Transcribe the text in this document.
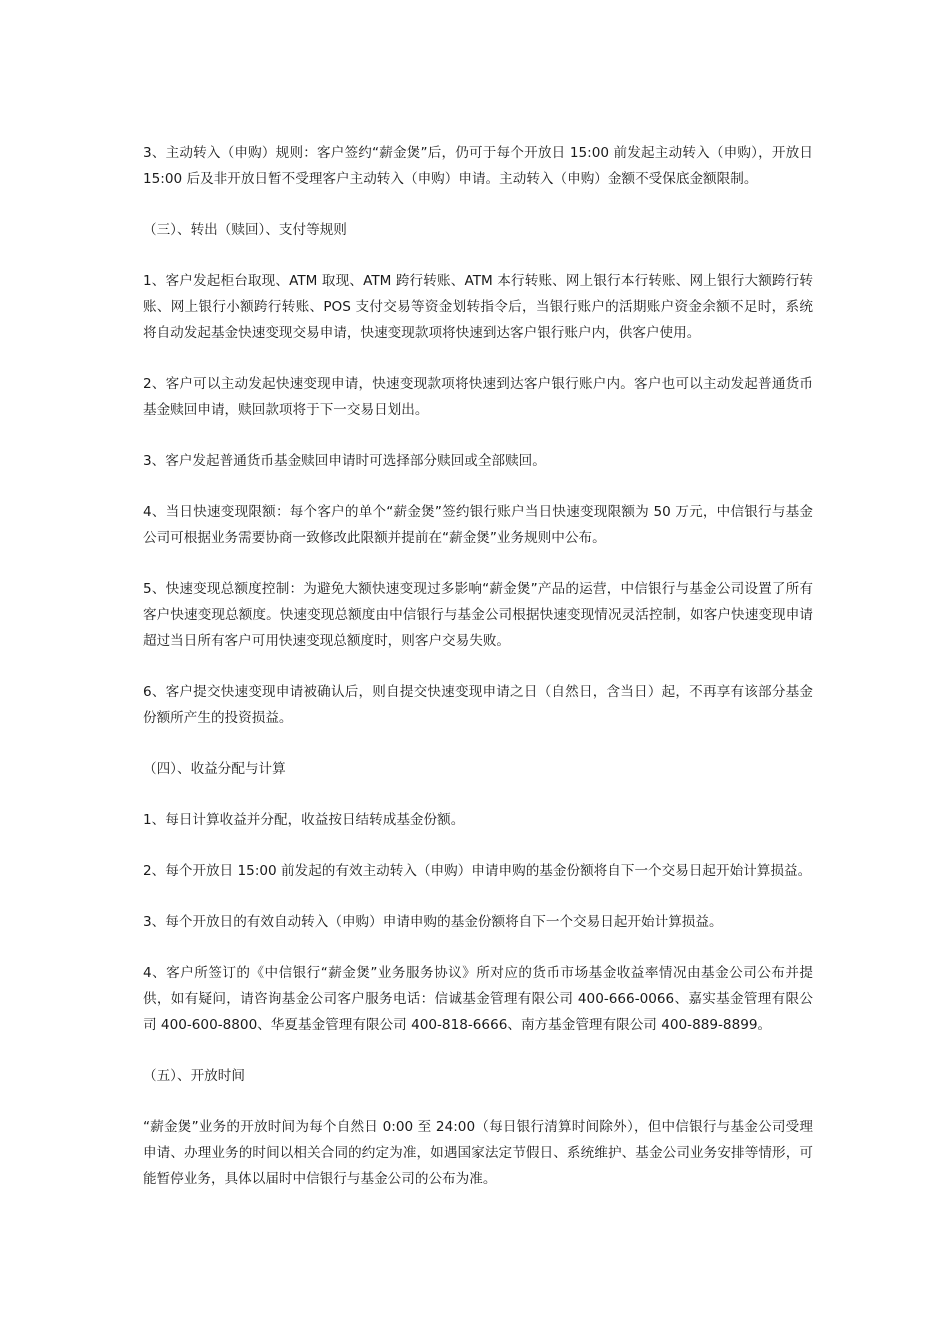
3、主动转入（申购）规则：客户签约“薪金煲”后，仍可于每个开放日 15:00 前发起主动转入（申购），开放日 15:00 后及非开放日暂不受理客户主动转入（申购）申请。主动转入（申购）金额不受保底金额限制。

（三）、转出（赎回）、支付等规则

1、客户发起柜台取现、ATM 取现、ATM 跨行转账、ATM 本行转账、网上银行本行转账、网上银行大额跨行转账、网上银行小额跨行转账、POS 支付交易等资金划转指令后，当银行账户的活期账户资金余额不足时，系统将自动发起基金快速变现交易申请，快速变现款项将快速到达客户银行账户内，供客户使用。

2、客户可以主动发起快速变现申请，快速变现款项将快速到达客户银行账户内。客户也可以主动发起普通货币基金赎回申请，赎回款项将于下一交易日划出。

3、客户发起普通货币基金赎回申请时可选择部分赎回或全部赎回。

4、当日快速变现限额：每个客户的单个“薪金煲”签约银行账户当日快速变现限额为 50 万元，中信银行与基金公司可根据业务需要协商一致修改此限额并提前在“薪金煲”业务规则中公布。

5、快速变现总额度控制：为避免大额快速变现过多影响“薪金煲”产品的运营，中信银行与基金公司设置了所有客户快速变现总额度。快速变现总额度由中信银行与基金公司根据快速变现情况灵活控制，如客户快速变现申请超过当日所有客户可用快速变现总额度时，则客户交易失败。

6、客户提交快速变现申请被确认后，则自提交快速变现申请之日（自然日，含当日）起，不再享有该部分基金份额所产生的投资损益。

（四）、收益分配与计算

1、每日计算收益并分配，收益按日结转成基金份额。

2、每个开放日 15:00 前发起的有效主动转入（申购）申请申购的基金份额将自下一个交易日起开始计算损益。

3、每个开放日的有效自动转入（申购）申请申购的基金份额将自下一个交易日起开始计算损益。

4、客户所签订的《中信银行“薪金煲”业务服务协议》所对应的货币市场基金收益率情况由基金公司公布并提供，如有疑问，请咨询基金公司客户服务电话：信诚基金管理有限公司 400-666-0066、嘉实基金管理有限公司 400-600-8800、华夏基金管理有限公司 400-818-6666、南方基金管理有限公司 400-889-8899。

（五）、开放时间

“薪金煲”业务的开放时间为每个自然日 0:00 至 24:00（每日银行清算时间除外），但中信银行与基金公司受理申请、办理业务的时间以相关合同的约定为准，如遇国家法定节假日、系统维护、基金公司业务安排等情形，可能暂停业务，具体以届时中信银行与基金公司的公布为准。
